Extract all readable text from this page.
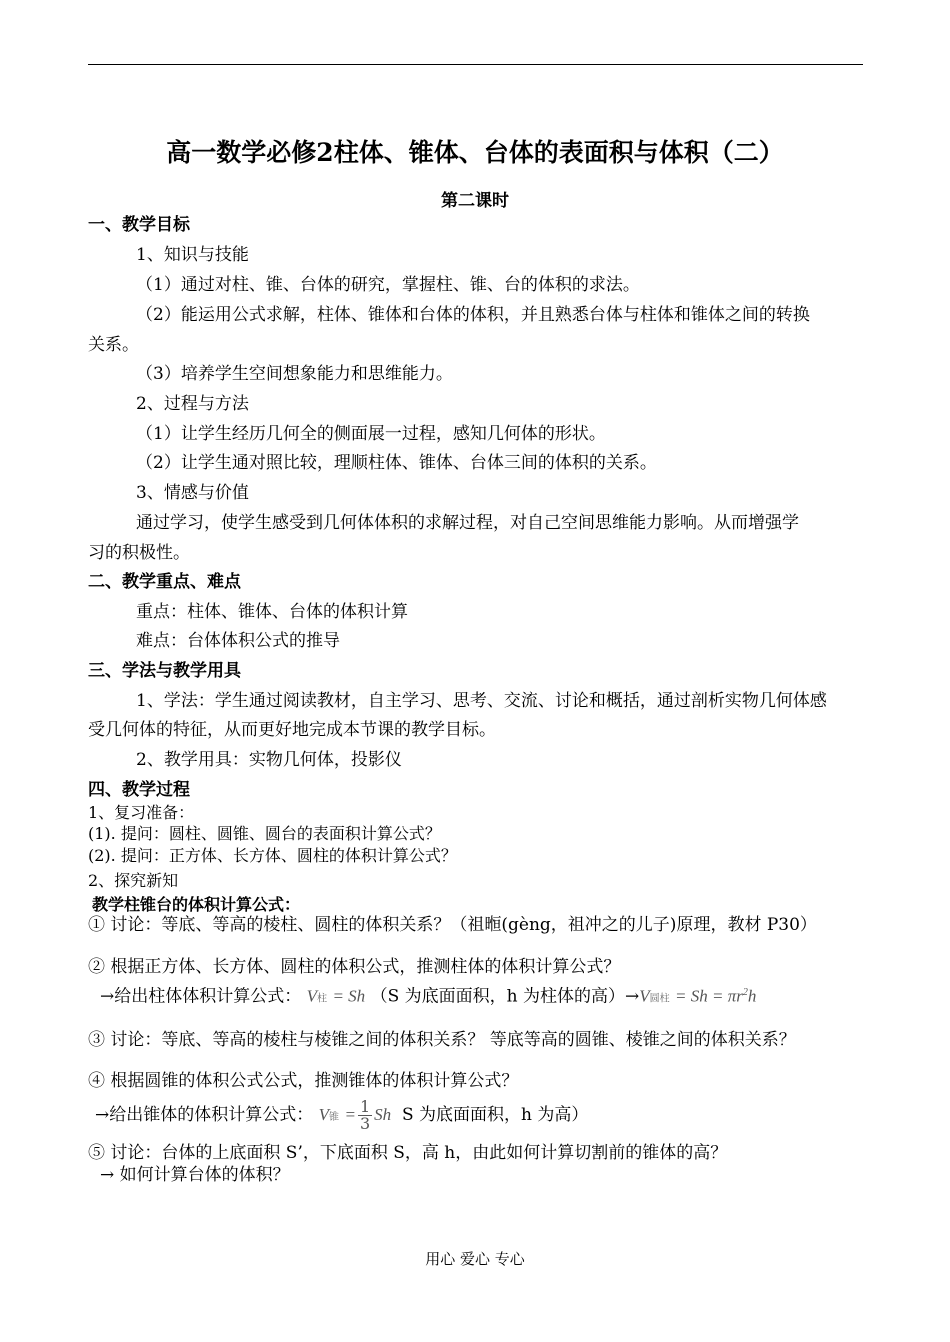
高一数学必修2柱体、锥体、台体的表面积与体积（二）
第二课时
一、教学目标
1、知识与技能
（1）通过对柱、锥、台体的研究，掌握柱、锥、台的体积的求法。
（2）能运用公式求解，柱体、锥体和台体的体积，并且熟悉台体与柱体和锥体之间的转换
关系。
（3）培养学生空间想象能力和思维能力。
2、过程与方法
（1）让学生经历几何全的侧面展一过程，感知几何体的形状。
（2）让学生通对照比较，理顺柱体、锥体、台体三间的体积的关系。
3、情感与价值
通过学习，使学生感受到几何体体积的求解过程，对自己空间思维能力影响。从而增强学
习的积极性。
二、教学重点、难点
重点：柱体、锥体、台体的体积计算
难点：台体体积公式的推导
三、学法与教学用具
1、学法：学生通过阅读教材，自主学习、思考、交流、讨论和概括，通过剖析实物几何体感
受几何体的特征，从而更好地完成本节课的教学目标。
2、教学用具：实物几何体，投影仪
四、教学过程
1、复习准备：
(1). 提问：圆柱、圆锥、圆台的表面积计算公式？
(2). 提问：正方体、长方体、圆柱的体积计算公式？
2、探究新知
教学柱锥台的体积计算公式：
① 讨论：等底、等高的棱柱、圆柱的体积关系？（祖暅(gèng，祖冲之的儿子)原理，教材 P30）
② 根据正方体、长方体、圆柱的体积公式，推测柱体的体积计算公式？
→给出柱体体积计算公式： V柱 = Sh （S 为底面面积，h 为柱体的高）→V圆柱 = $Sh = \pi r^2h$
③ 讨论：等底、等高的棱柱与棱锥之间的体积关系？ 等底等高的圆锥、棱锥之间的体积关系？
④ 根据圆锥的体积公式公式，推测锥体的体积计算公式？
→给出锥体的体积计算公式： V锥 = $\frac{1}{3}$ Sh S 为底面面积，h 为高）
⑤ 讨论：台体的上底面积 S’，下底面积 S，高 h，由此如何计算切割前的锥体的高？
→ 如何计算台体的体积？
用心 爱心 专心
